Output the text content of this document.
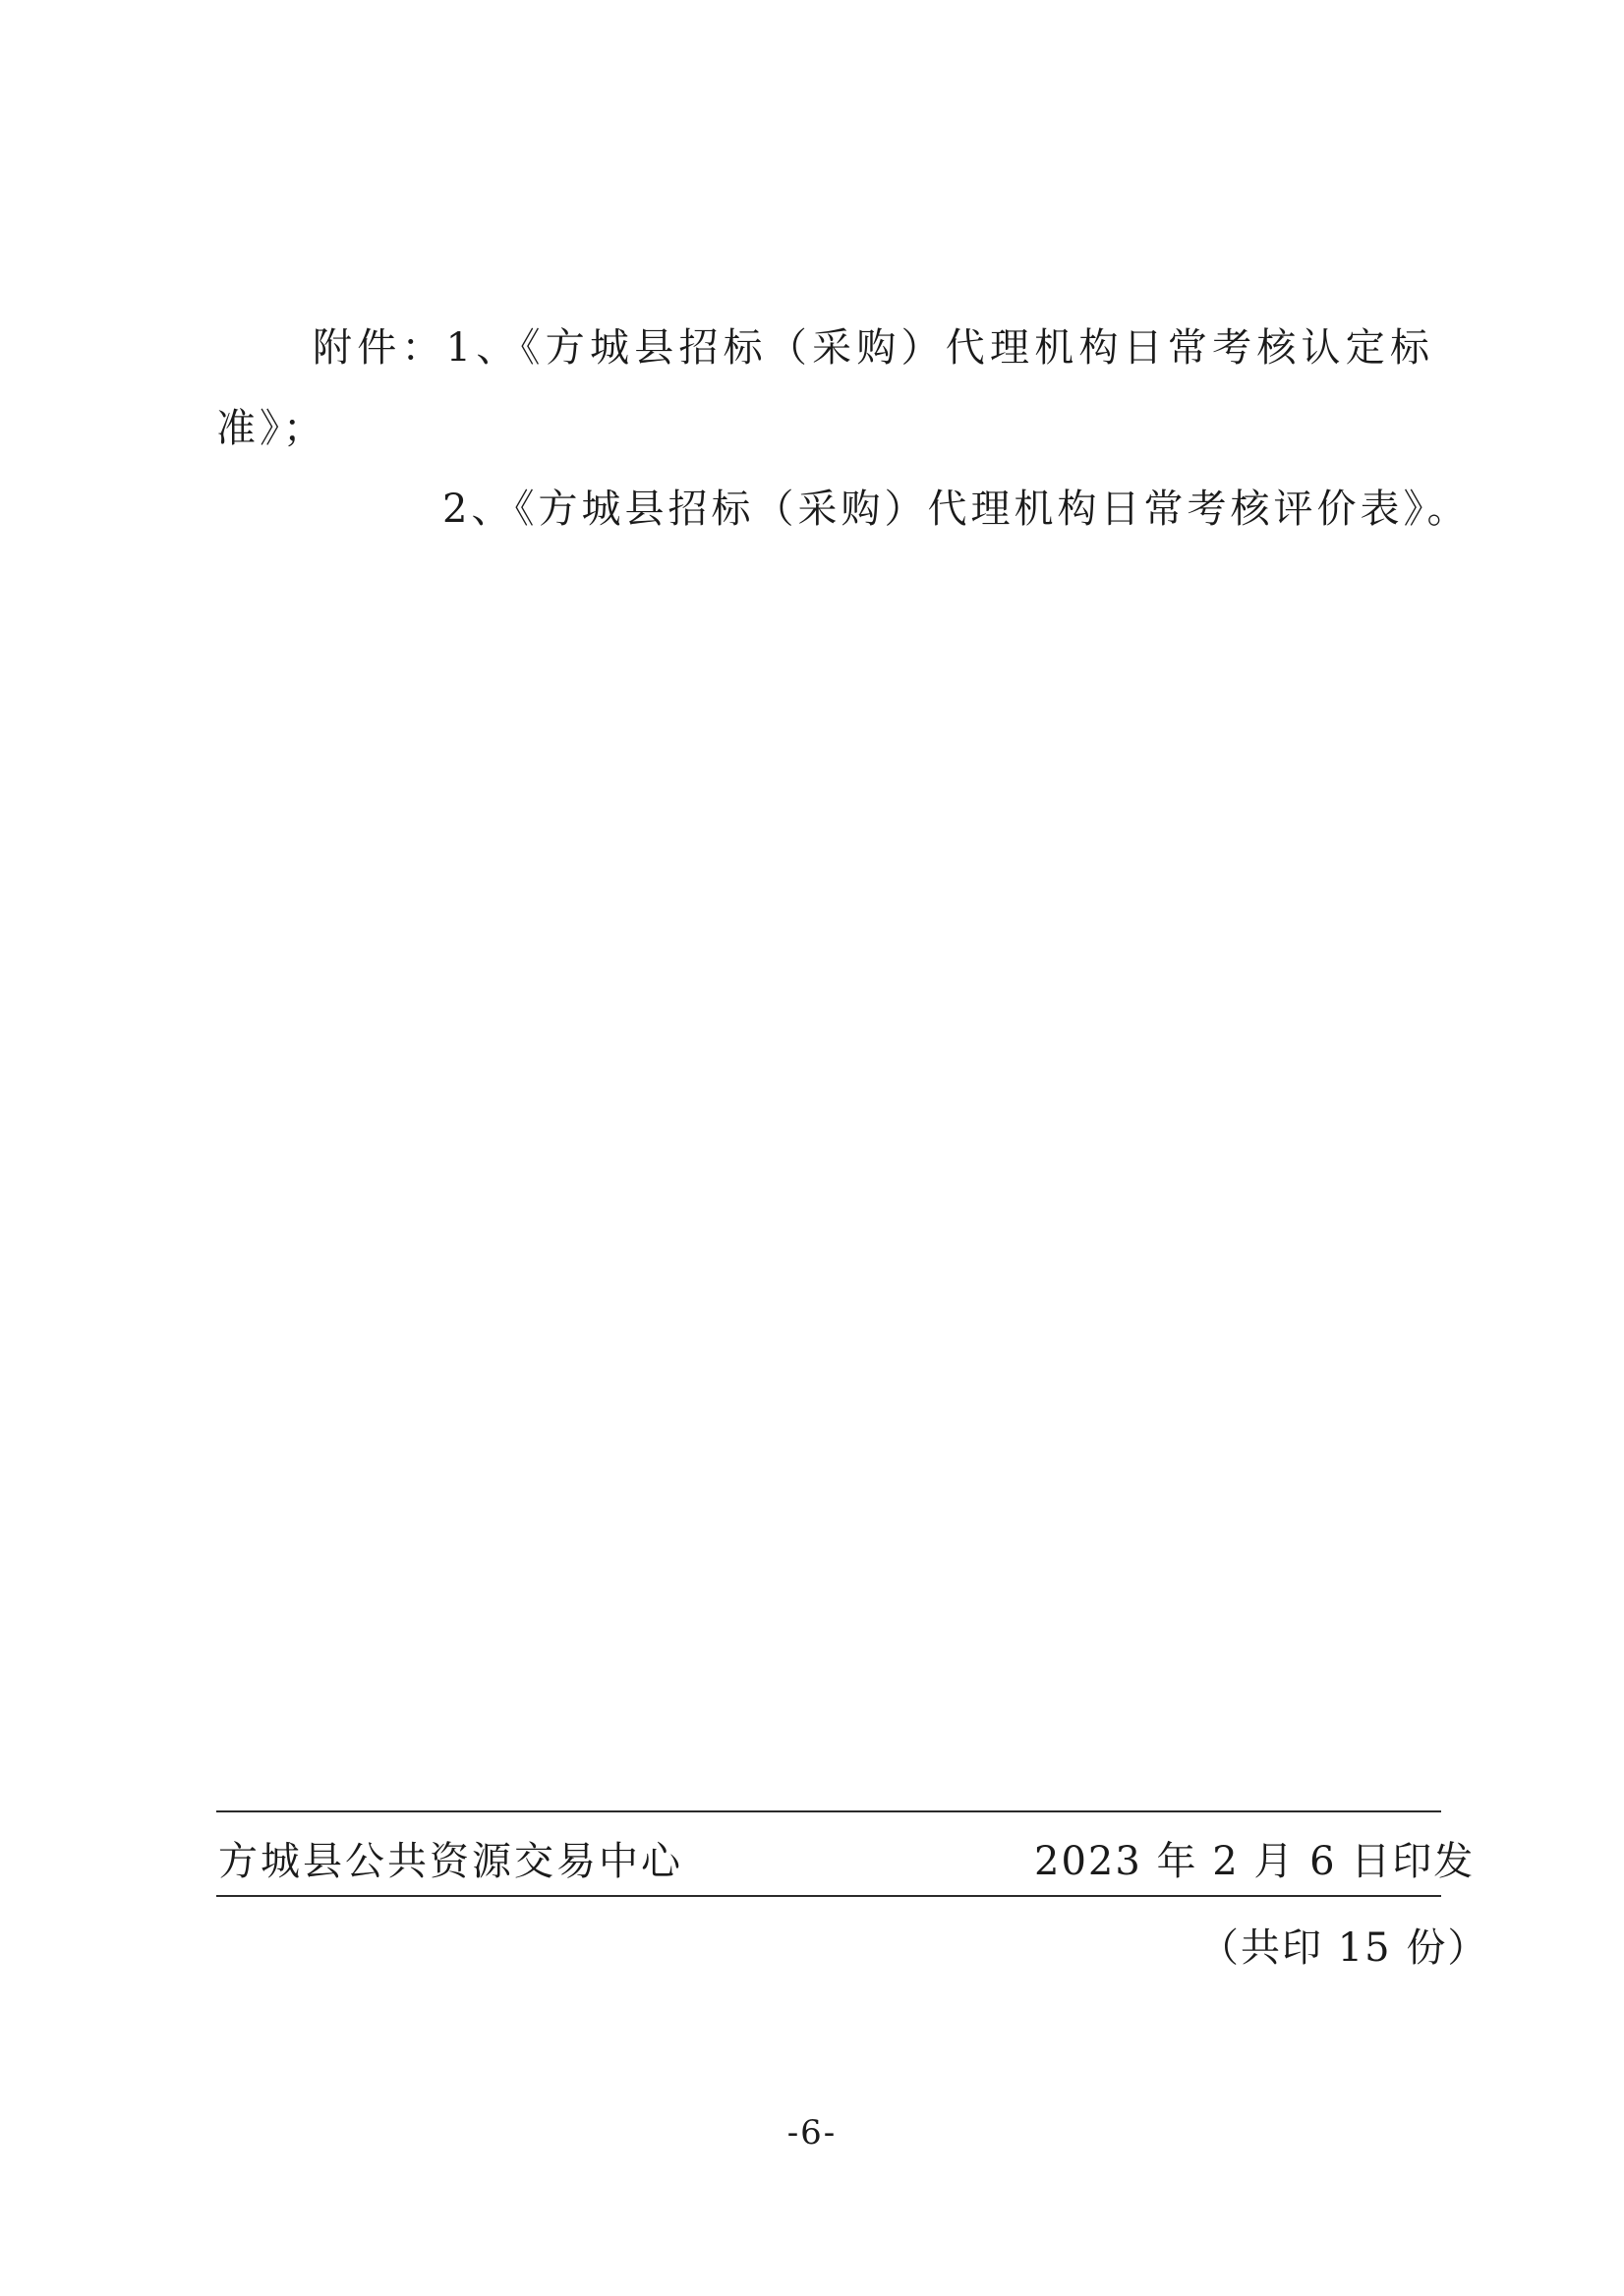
附件：1、《方城县招标（采购）代理机构日常考核认定标
准》；
2、《方城县招标（采购）代理机构日常考核评价表》。
方城县公共资源交易中心	2023 年 2 月 6 日印发
（共印 15 份）
-6-
